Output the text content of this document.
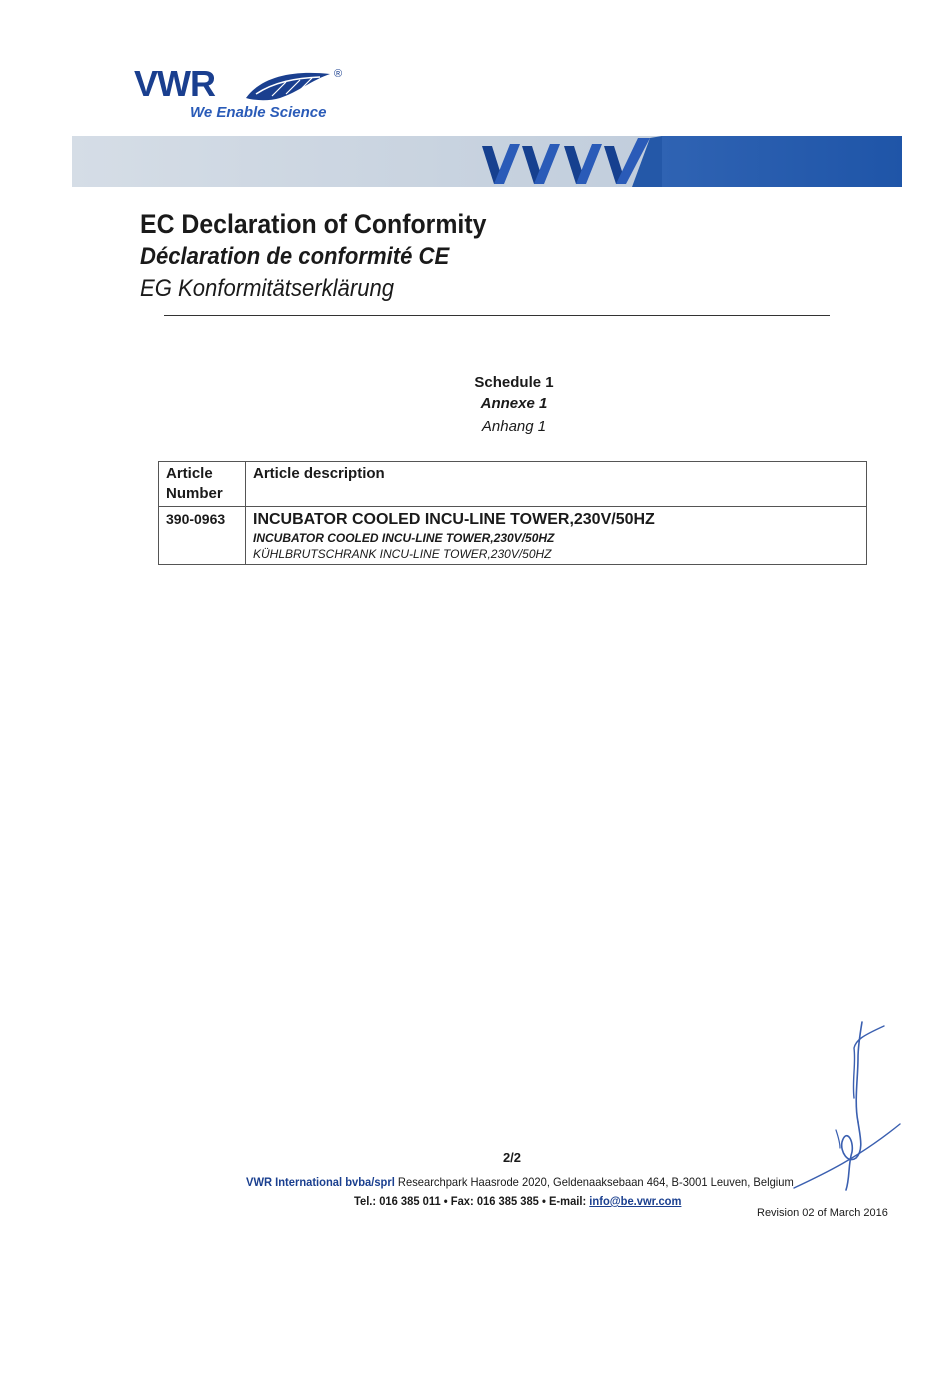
VWR	®
We Enable Science
EC Declaration of Conformity
Déclaration de conformité CE
EG Konformitätserklärung
Schedule 1
Annexe 1
Anhang 1
Article
Number	Article description
390-0963	INCUBATOR COOLED INCU-LINE TOWER,230V/50HZ
INCUBATOR COOLED INCU-LINE TOWER,230V/50HZ
KÜHLBRUTSCHRANK INCU-LINE TOWER,230V/50HZ
2/2
VWR International bvba/sprl Researchpark Haasrode 2020, Geldenaaksebaan 464, B-3001 Leuven, Belgium
Tel.: 016 385 011 • Fax: 016 385 385 • E-mail: info@be.vwr.com
Revision 02 of March 2016
